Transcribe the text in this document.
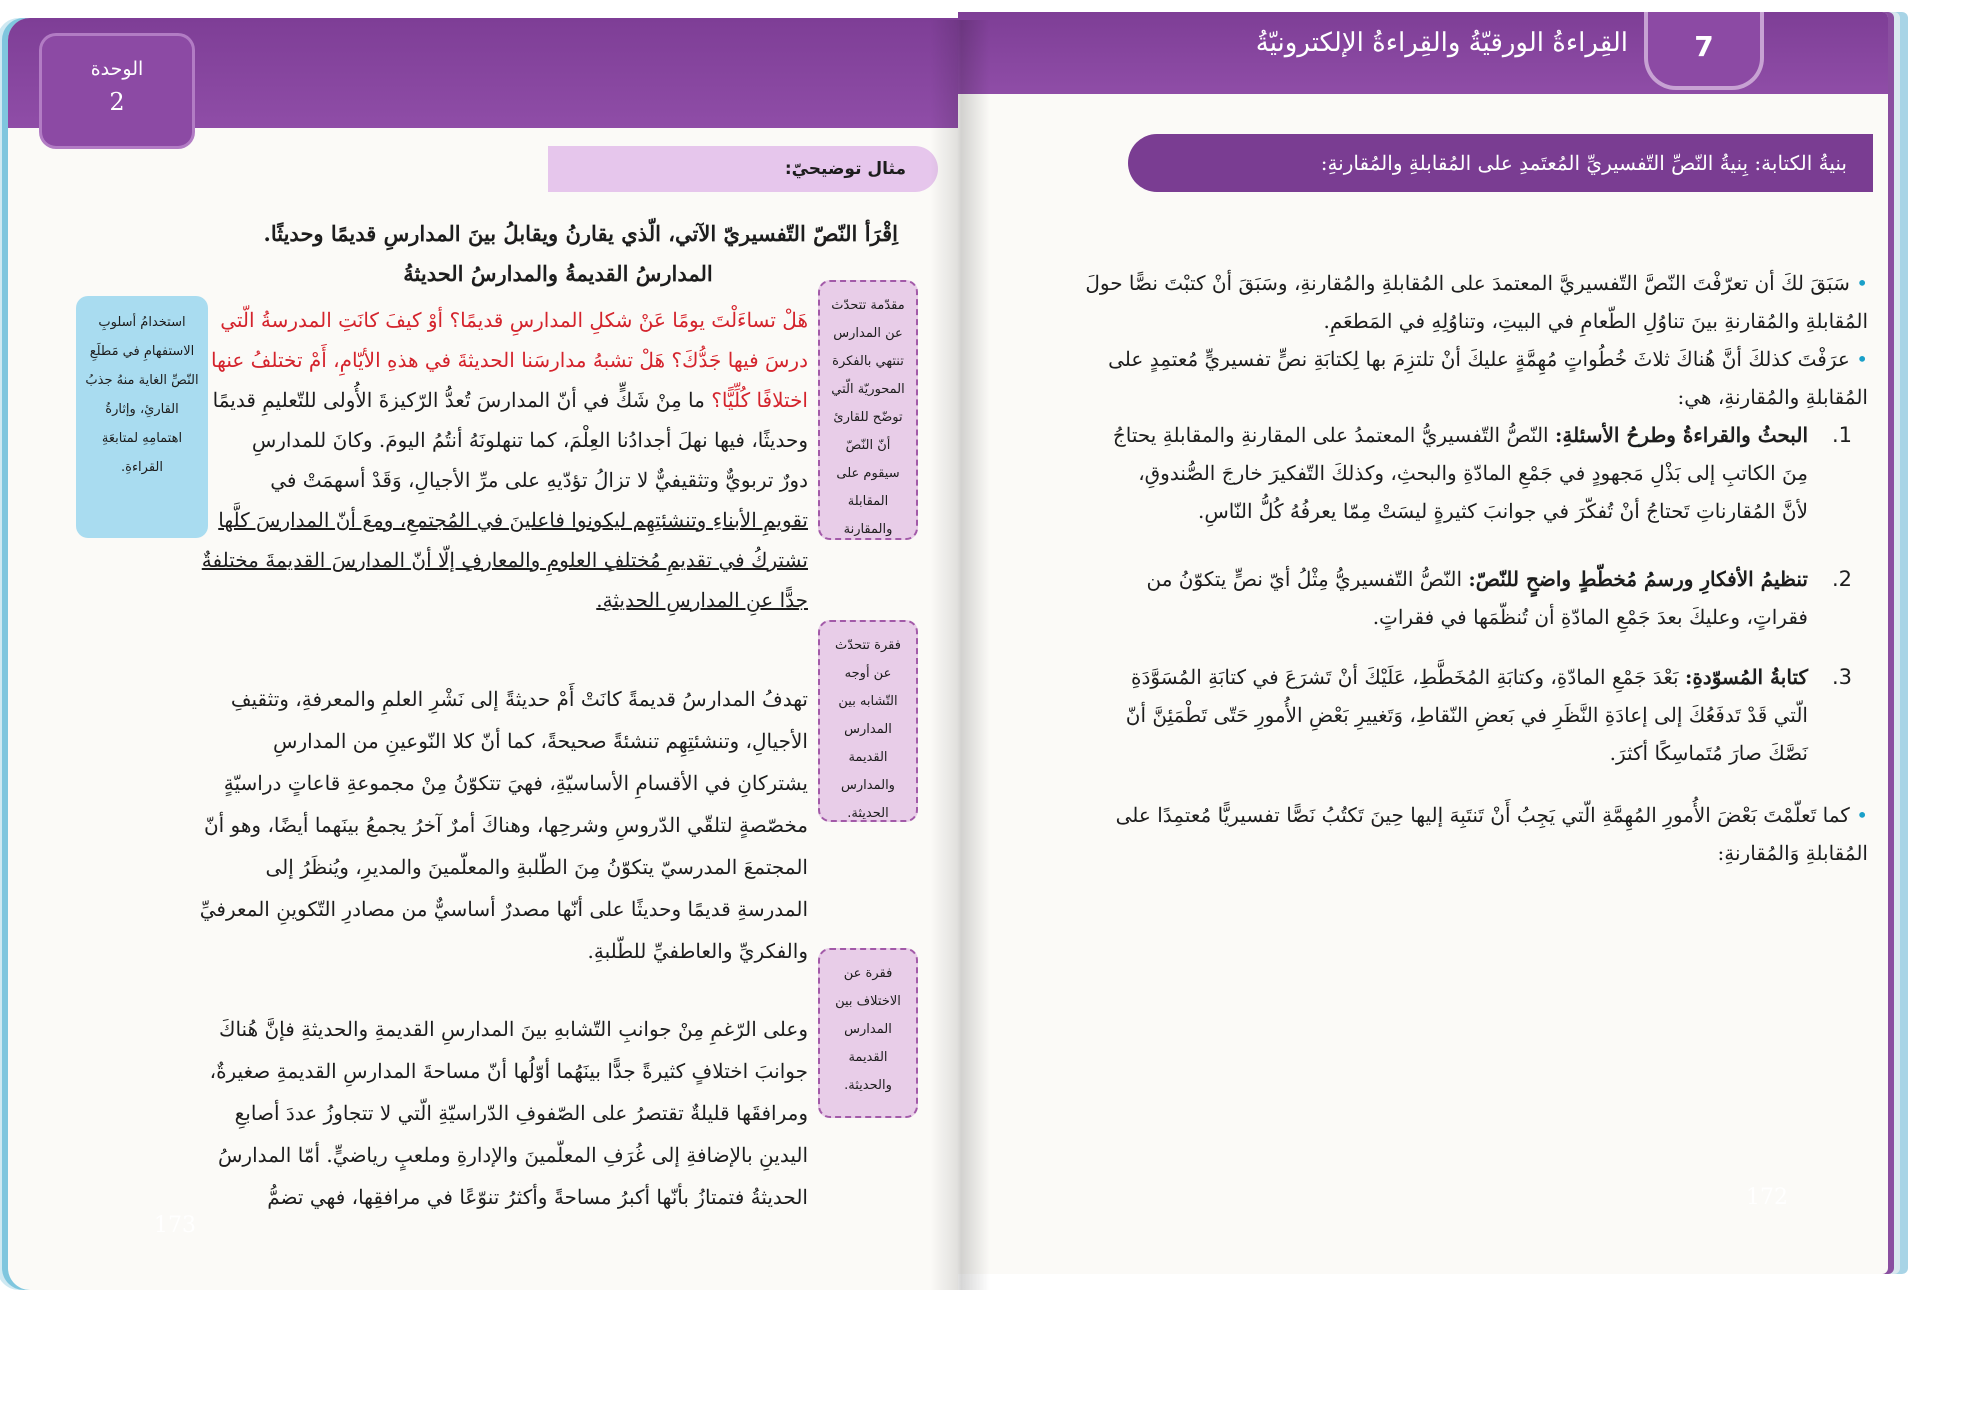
الوحدة
2
مثال توضيحيّ:
اِقْرَأ النّصّ التّفسيريّ الآتي، الّذي يقارنُ ويقابلُ بينَ المدارسِ قديمًا وحديثًا.
المدارسُ القديمةُ والمدارسُ الحديثةُ
هَلْ تساءَلْتَ يومًا عَنْ شكلِ المدارسِ قديمًا؟ أوْ كيفَ كانَتِ المدرسةُ الّتي
درسَ فيها جَدُّكَ؟ هَلْ تشبهُ مدارسَنا الحديثةَ في هذهِ الأيّامِ، أَمْ تختلفُ عنها
اختلافًا كُلِّيًّا؟ ما مِنْ شَكٍّ في أنّ المدارسَ تُعدُّ الرّكيزةَ الأُولى للتّعليمِ قديمًا
وحديثًا، فيها نهلَ أجدادُنا العِلْمَ، كما تنهلونَهُ أنتُمُ اليومَ. وكانَ للمدارسِ
دورٌ تربويٌّ وتثقيفيٌّ لا تزالُ تؤدّيهِ على مرِّ الأجيالِ، وَقَدْ أسهمَتْ في
تقويمِ الأبناءِ وتنشئتِهِم ليكونوا فاعلينَ في المُجتمعِ، ومعَ أنّ المدارسَ كلَّها
تشتركُ في تقديمِ مُختلفِ العلومِ والمعارفِ إلّا أنّ المدارسَ القديمةَ مختلفةٌ
جدًّا عنِ المدارسِ الحديثةِ.
تهدفُ المدارسُ قديمةً كانَتْ أَمْ حديثةً إلى نَشْرِ العلمِ والمعرفةِ، وتثقيفِ الأجيالِ، وتنشئتِهِم تنشئةً صحيحةً، كما أنّ كلا النّوعينِ من المدارسِ يشتركانِ في الأقسامِ الأساسيّةِ، فهيَ تتكوّنُ مِنْ مجموعةِ قاعاتٍ دراسيّةٍ مخصّصةٍ لتلقّي الدّروسِ وشرحِها، وهناكَ أمرٌ آخرُ يجمعُ بينَهما أيضًا، وهو أنّ المجتمعَ المدرسيّ يتكوّنُ مِنَ الطّلبةِ والمعلّمينَ والمديرِ، ويُنظَرُ إلى المدرسةِ قديمًا وحديثًا على أنّها مصدرٌ أساسيٌّ من مصادرِ التّكوينِ المعرفيِّ والفكريِّ والعاطفيِّ للطّلبةِ.
وعلى الرّغمِ مِنْ جوانبِ التّشابهِ بينَ المدارسِ القديمةِ والحديثةِ فإنَّ هُناكَ جوانبَ اختلافٍ كثيرةً جدًّا بينَهُما أوّلُها أنّ مساحةَ المدارسِ القديمةِ صغيرةٌ، ومرافقَها قليلةٌ تقتصرُ على الصّفوفِ الدّراسيّةِ الّتي لا تتجاوزُ عددَ أصابعِ اليدينِ بالإضافةِ إلى غُرَفِ المعلّمينَ والإدارةِ وملعبٍ رياضيٍّ. أمّا المدارسُ الحديثةُ فتمتازُ بأنّها أكبرُ مساحةً وأكثرُ تنوّعًا في مرافقِها، فهي تضمُّ
مقدّمة تتحدّث عن المدارس تنتهي بالفكرة المحوريّة الّتي توضّح للقارئ أنّ النّصّ سيقوم على المقابلة والمقارنة
فقرة تتحدّث عن أوجه التّشابه بين المدارس القديمة والمدارس الحديثة.
فقرة عن الاختلاف بين المدارس القديمة والحديثة.
استخدامُ أسلوبِ الاستفهامِ في مَطلَعِ النّصِّ الغاية منهُ جذبُ القارئِ، وإثارةُ اهتمامِهِ لمتابعَةِ القراءةِ.
173
القِراءةُ الورقيّةُ والقِراءةُ الإلكترونيّةُ	7
بنيةُ الكتابة: بِنيةُ النّصِّ التّفسيريِّ المُعتَمدِ على المُقابلةِ والمُقارنةِ:
• سَبَقَ لكَ أن تعرّفْتَ النّصَّ التّفسيريَّ المعتمدَ على المُقابلةِ والمُقارنةِ، وسَبَقَ أنْ كتبْتَ نصًّا حولَ المُقابلةِ والمُقارنةِ بينَ تناوُلِ الطّعامِ في البيتِ، وتناوُلِهِ في المَطعَمِ.
• عرَفْتَ كذلكَ أنَّ هُناكَ ثلاثَ خُطُواتٍ مُهِمَّةٍ عليكَ أنْ تلتزِمَ بها لِكتابَةِ نصٍّ تفسيريٍّ مُعتمِدٍ على المُقابلةِ والمُقارنةِ، هي:
1.
البحثُ والقراءةُ وطرحُ الأسئلةِ: النّصُّ التّفسيريُّ المعتمدُ على المقارنةِ والمقابلةِ يحتاجُ مِنَ الكاتبِ إلى بَذْلِ مَجهودٍ في جَمْعِ المادّةِ والبحثِ، وكذلكَ التّفكيرَ خارجَ الصُّندوقِ، لأنَّ المُقارناتِ تَحتاجُ أنْ تُفكّرَ في جوانبَ كثيرةٍ ليسَتْ مِمّا يعرفُهُ كُلُّ النّاسِ.
2.
تنظيمُ الأفكارِ ورسمُ مُخطّطٍ واضحٍ للنّصّ: النّصُّ التّفسيريُّ مِثْلُ أيّ نصٍّ يتكوّنُ من فقراتٍ، وعليكَ بعدَ جَمْعِ المادّةِ أن تُنظّمَها في فقراتٍ.
3.
كتابةُ المُسوّدةِ: بَعْدَ جَمْعِ المادّةِ، وكتابَةِ المُخَطَّطِ، عَلَيْكَ أنْ تَشرَعَ في كتابَةِ المُسَوَّدَةِ الّتي قَدْ تَدفَعُكَ إلى إعادَةِ النَّظَرِ في بَعضِ النّقاطِ، وَتَغييرِ بَعْضِ الأُمورِ حَتّى تَطْمَئِنَّ أنّ نَصَّكَ صارَ مُتَماسِكًا أكثرَ.
• كما تَعلّمْتَ بَعْضَ الأُمورِ المُهِمَّةِ الّتي يَجِبُ أَنْ تَنتَبِهَ إليها حِينَ تَكتُبُ نَصًّا تفسيريًّا مُعتمِدًا على المُقابلةِ وَالمُقارنةِ:
172
